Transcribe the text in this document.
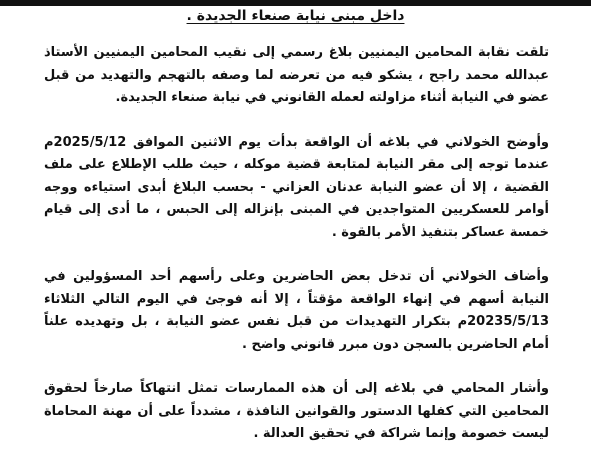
داخل مبنى نيابة صنعاء الجديدة .

تلقت نقابة المحامين اليمنيين بلاغ رسمي إلى نقيب المحامين اليمنيين الأستاذ عبدالله محمد راجح ، يشكو فيه من تعرضه لما وصفه بالتهجم والتهديد من قبل عضو في النيابة أثناء مزاولته لعمله القانوني في نيابة صنعاء الجديدة.

وأوضح الخولاني في بلاغه أن الواقعة بدأت يوم الاثنين الموافق 2025/5/12م عندما توجه إلى مقر النيابة لمتابعة قضية موكله ، حيث طلب الإطلاع على ملف القضية ، إلا أن عضو النيابة عدنان العزاني - بحسب البلاغ أبدى استياءه ووجه أوامر للعسكريين المتواجدين في المبنى بإنزاله إلى الحبس ، ما أدى إلى قيام خمسة عساكر بتنفيذ الأمر بالقوة .

وأضاف الخولاني أن تدخل بعض الحاضرين وعلى رأسهم أحد المسؤولين في النيابة أسهم في إنهاء الواقعة مؤقتاً ، إلا أنه فوجئ في اليوم التالي الثلاثاء 20235/5/13م بتكرار التهديدات من قبل نفس عضو النيابة ، بل وتهديده علناً أمام الحاضرين بالسجن دون مبرر قانوني واضح .

وأشار المحامي في بلاغه إلى أن هذه الممارسات تمثل انتهاكاً صارخاً لحقوق المحامين التي كفلها الدستور والقوانين النافذة ، مشدداً على أن مهنة المحاماة ليست خصومة وإنما شراكة في تحقيق العدالة .
